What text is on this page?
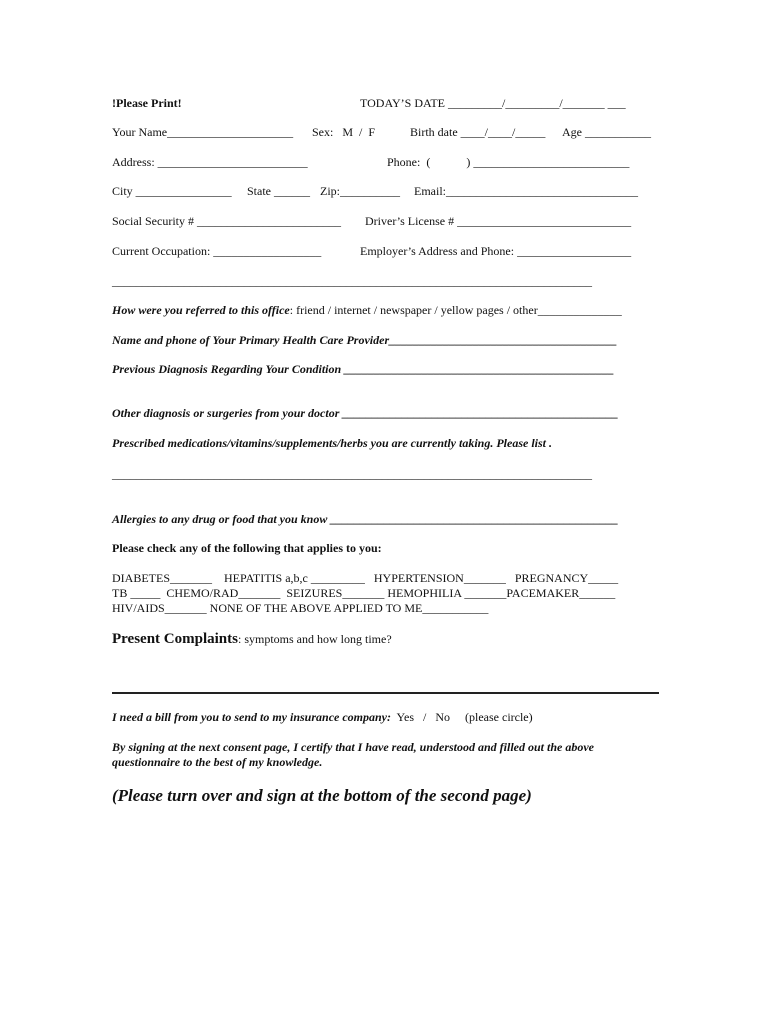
!Please Print!	TODAY’S DATE _________/_________/_______ ___
Your Name_____________________ Sex:   M  /  F	Birth date ____/____/_____ Age ___________
Address: _________________________	Phone:  (            ) __________________________
City ________________ State ______ Zip:__________ Email:________________________________
Social Security # ________________________ Driver’s License # _____________________________
Current Occupation: __________________	Employer’s Address and Phone: ___________________
________________________________________________________________________________
How were you referred to this office: friend / internet / newspaper / yellow pages / other______________
Name and phone of Your Primary Health Care Provider______________________________________
Previous Diagnosis Regarding Your Condition _____________________________________________
Other diagnosis or surgeries from your doctor ______________________________________________
Prescribed medications/vitamins/supplements/herbs you are currently taking. Please list .
________________________________________________________________________________
Allergies to any drug or food that you know ________________________________________________
Please check any of the following that applies to you:
DIABETES_______    HEPATITIS a,b,c _________   HYPERTENSION_______   PREGNANCY_____
TB _____  CHEMO/RAD_______  SEIZURES_______ HEMOPHILIA _______PACEMAKER______
HIV/AIDS_______ NONE OF THE ABOVE APPLIED TO ME___________
Present Complaints: symptoms and how long time?
I need a bill from you to send to my insurance company:  Yes   /   No     (please circle)
By signing at the next consent page, I certify that I have read, understood and filled out the above
questionnaire to the best of my knowledge.
(Please turn over and sign at the bottom of the second page)
